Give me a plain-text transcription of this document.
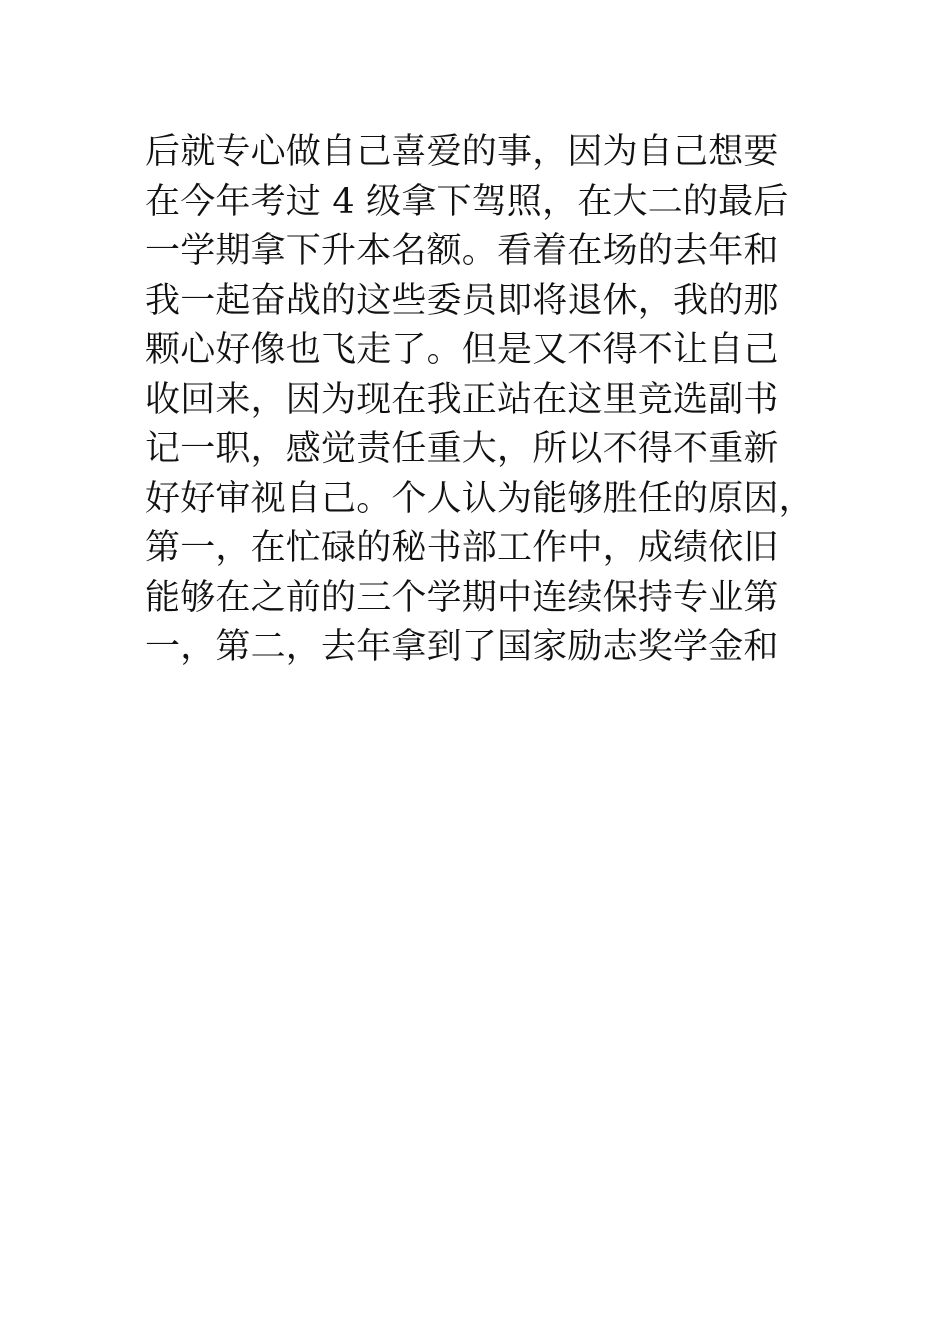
后就专心做自己喜爱的事，因为自己想要
在今年考过 4 级拿下驾照，在大二的最后
一学期拿下升本名额。看着在场的去年和
我一起奋战的这些委员即将退休，我的那
颗心好像也飞走了。但是又不得不让自己
收回来，因为现在我正站在这里竞选副书
记一职，感觉责任重大，所以不得不重新
好好审视自己。个人认为能够胜任的原因，
第一，在忙碌的秘书部工作中，成绩依旧
能够在之前的三个学期中连续保持专业第
一，第二，去年拿到了国家励志奖学金和
